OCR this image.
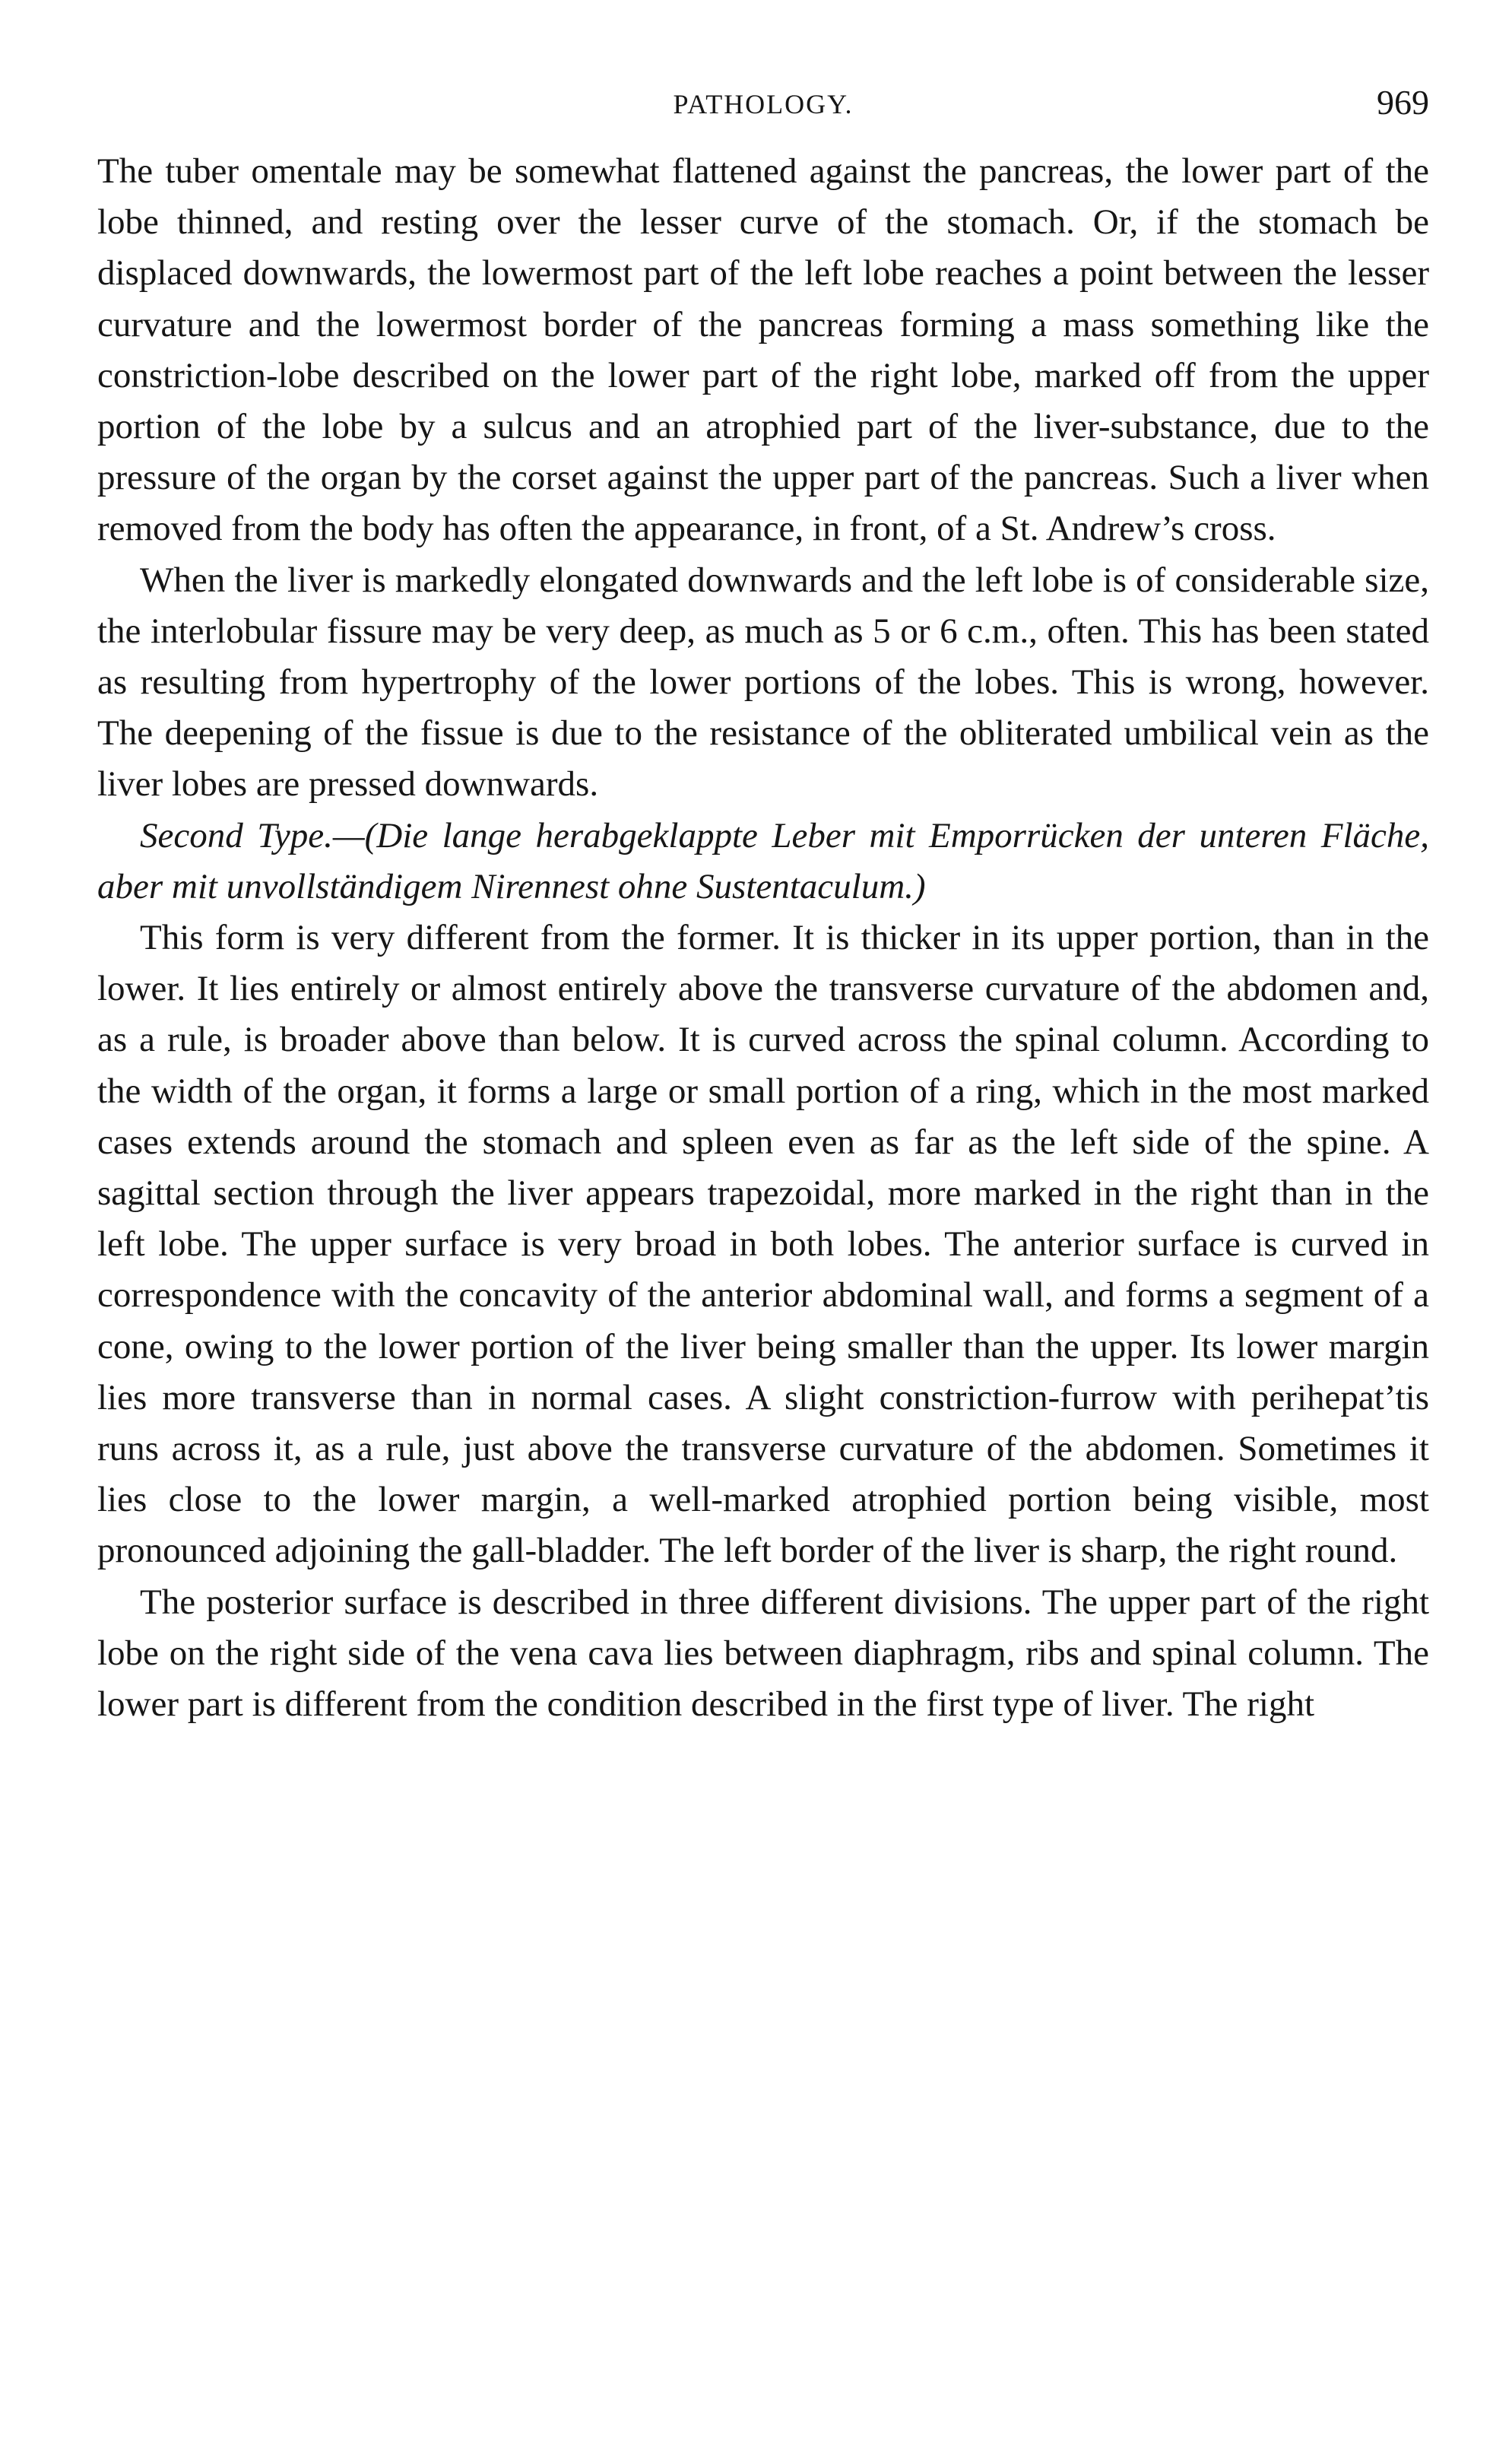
PATHOLOGY.	969

The tuber omentale may be somewhat flattened against the pancreas, the lower part of the lobe thinned, and resting over the lesser curve of the stomach. Or, if the stomach be displaced downwards, the lowermost part of the left lobe reaches a point between the lesser curvature and the lowermost border of the pancreas forming a mass something like the constriction-lobe described on the lower part of the right lobe, marked off from the upper portion of the lobe by a sulcus and an atrophied part of the liver-substance, due to the pressure of the organ by the corset against the upper part of the pancreas. Such a liver when removed from the body has often the appearance, in front, of a St. Andrew’s cross.

When the liver is markedly elongated downwards and the left lobe is of considerable size, the interlobular fissure may be very deep, as much as 5 or 6 c.m., often. This has been stated as resulting from hypertrophy of the lower portions of the lobes. This is wrong, however. The deepening of the fissue is due to the resistance of the obliterated umbilical vein as the liver lobes are pressed downwards.

Second Type.—(Die lange herabgeklappte Leber mit Emporrücken der unteren Fläche, aber mit unvollständigem Nirennest ohne Sustentaculum.)

This form is very different from the former. It is thicker in its upper portion, than in the lower. It lies entirely or almost entirely above the transverse curvature of the abdomen and, as a rule, is broader above than below. It is curved across the spinal column. According to the width of the organ, it forms a large or small portion of a ring, which in the most marked cases extends around the stomach and spleen even as far as the left side of the spine. A sagittal section through the liver appears trapezoidal, more marked in the right than in the left lobe. The upper surface is very broad in both lobes. The anterior surface is curved in correspondence with the concavity of the anterior abdominal wall, and forms a segment of a cone, owing to the lower portion of the liver being smaller than the upper. Its lower margin lies more transverse than in normal cases. A slight constriction-furrow with perihepat’tis runs across it, as a rule, just above the transverse curvature of the abdomen. Sometimes it lies close to the lower margin, a well-marked atrophied portion being visible, most pronounced adjoining the gall-bladder. The left border of the liver is sharp, the right round.

The posterior surface is described in three different divisions. The upper part of the right lobe on the right side of the vena cava lies between diaphragm, ribs and spinal column. The lower part is different from the condition described in the first type of liver. The right
